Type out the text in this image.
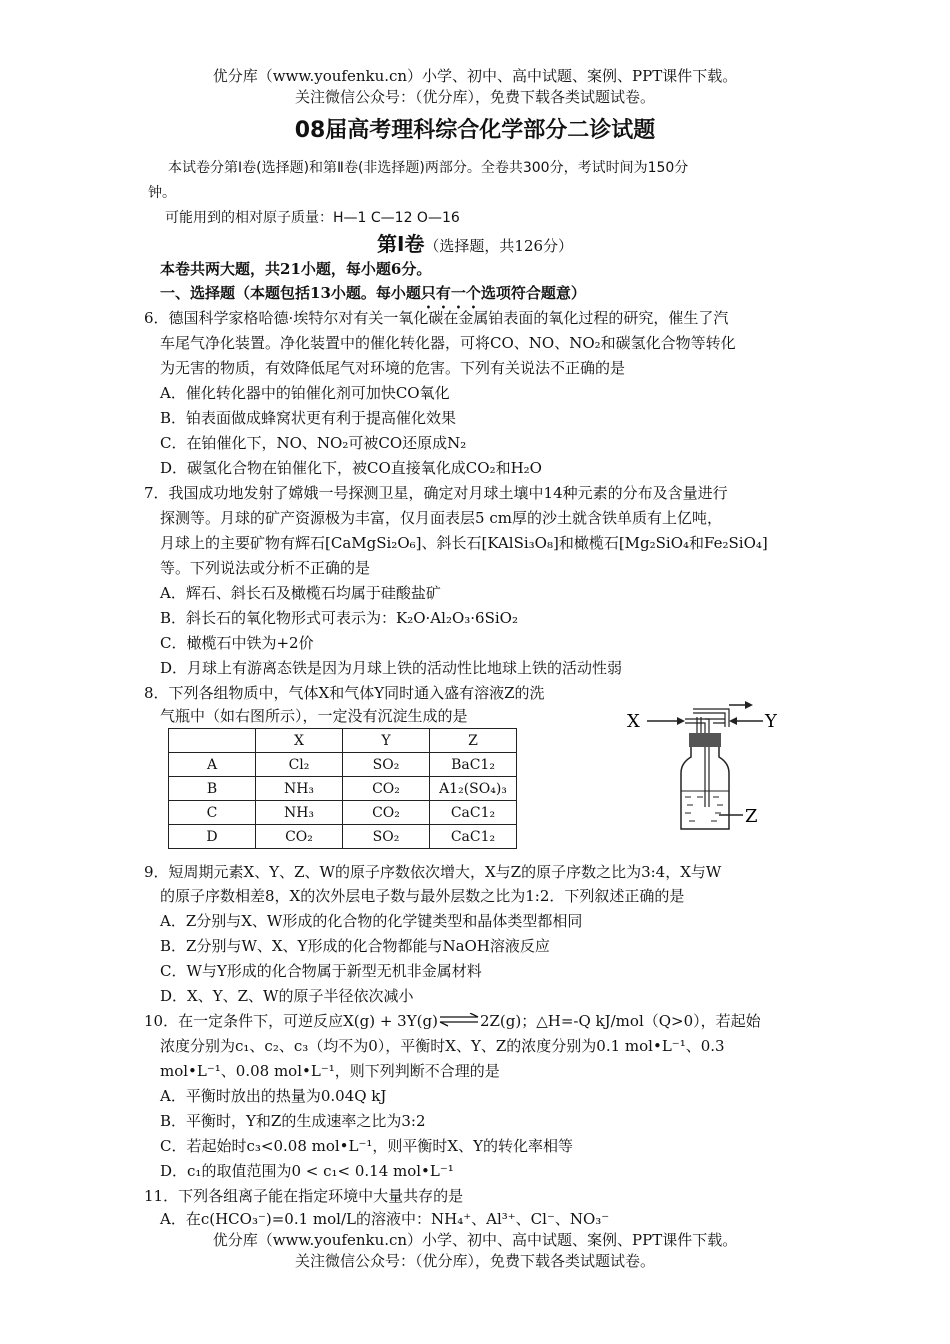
优分库（www.youfenku.cn）小学、初中、高中试题、案例、PPT课件下载。
关注微信公众号：（优分库），免费下载各类试题试卷。
08届高考理科综合化学部分二诊试题
本试卷分第Ⅰ卷(选择题)和第Ⅱ卷(非选择题)两部分。全卷共300分，考试时间为150分
钟。
可能用到的相对原子质量：H—1 C—12 O—16
第Ⅰ卷（选择题，共126分）
本卷共两大题，共21小题，每小题6分。
一、选择题（本题包括13小题。每小题只有一个选项符合题意）
6．德国科学家格哈德·埃特尔对有关一氧化碳在金属铂表面的氧化过程的研究，催生了汽
车尾气净化装置。净化装置中的催化转化器，可将CO、NO、NO₂和碳氢化合物等转化
为无害的物质，有效降低尾气对环境的危害。下列有关说法不正确的是
A．催化转化器中的铂催化剂可加快CO氧化
B．铂表面做成蜂窝状更有利于提高催化效果
C．在铂催化下，NO、NO₂可被CO还原成N₂
D．碳氢化合物在铂催化下，被CO直接氧化成CO₂和H₂O
7．我国成功地发射了嫦娥一号探测卫星，确定对月球土壤中14种元素的分布及含量进行
探测等。月球的矿产资源极为丰富，仅月面表层5 cm厚的沙土就含铁单质有上亿吨，
月球上的主要矿物有辉石[CaMgSi₂O₆]、斜长石[KAlSi₃O₈]和橄榄石[Mg₂SiO₄和Fe₂SiO₄]
等。下列说法或分析不正确的是
A．辉石、斜长石及橄榄石均属于硅酸盐矿
B．斜长石的氧化物形式可表示为：K₂O·Al₂O₃·6SiO₂
C．橄榄石中铁为+2价
D．月球上有游离态铁是因为月球上铁的活动性比地球上铁的活动性弱
8．下列各组物质中，气体X和气体Y同时通入盛有溶液Z的洗
气瓶中（如右图所示），一定没有沉淀生成的是
	X	Y	Z
A	Cl₂	SO₂	BaC1₂
B	NH₃	CO₂	A1₂(SO₄)₃
C	NH₃	CO₂	CaC1₂
D	CO₂	SO₂	CaC1₂
X	Y
Z
9．短周期元素X、Y、Z、W的原子序数依次增大，X与Z的原子序数之比为3:4，X与W
的原子序数相差8，X的次外层电子数与最外层数之比为1:2．下列叙述正确的是
A．Z分别与X、W形成的化合物的化学键类型和晶体类型都相同
B．Z分别与W、X、Y形成的化合物都能与NaOH溶液反应
C．W与Y形成的化合物属于新型无机非金属材料
D．X、Y、Z、W的原子半径依次减小
10．在一定条件下，可逆反应X(g) + 3Y(g)⇌2Z(g)；△H=-Q kJ/mol（Q>0），若起始
浓度分别为c₁、c₂、c₃（均不为0），平衡时X、Y、Z的浓度分别为0.1 mol•L⁻¹、0.3
mol•L⁻¹、0.08 mol•L⁻¹，则下列判断不合理的是
A．平衡时放出的热量为0.04Q kJ
B．平衡时，Y和Z的生成速率之比为3:2
C．若起始时c₃<0.08 mol•L⁻¹，则平衡时X、Y的转化率相等
D．c₁的取值范围为0 < c₁< 0.14 mol•L⁻¹
11．下列各组离子能在指定环境中大量共存的是
A．在c(HCO₃⁻)=0.1 mol/L的溶液中：NH₄⁺、Al³⁺、Cl⁻、NO₃⁻
优分库（www.youfenku.cn）小学、初中、高中试题、案例、PPT课件下载。
关注微信公众号：（优分库），免费下载各类试题试卷。
